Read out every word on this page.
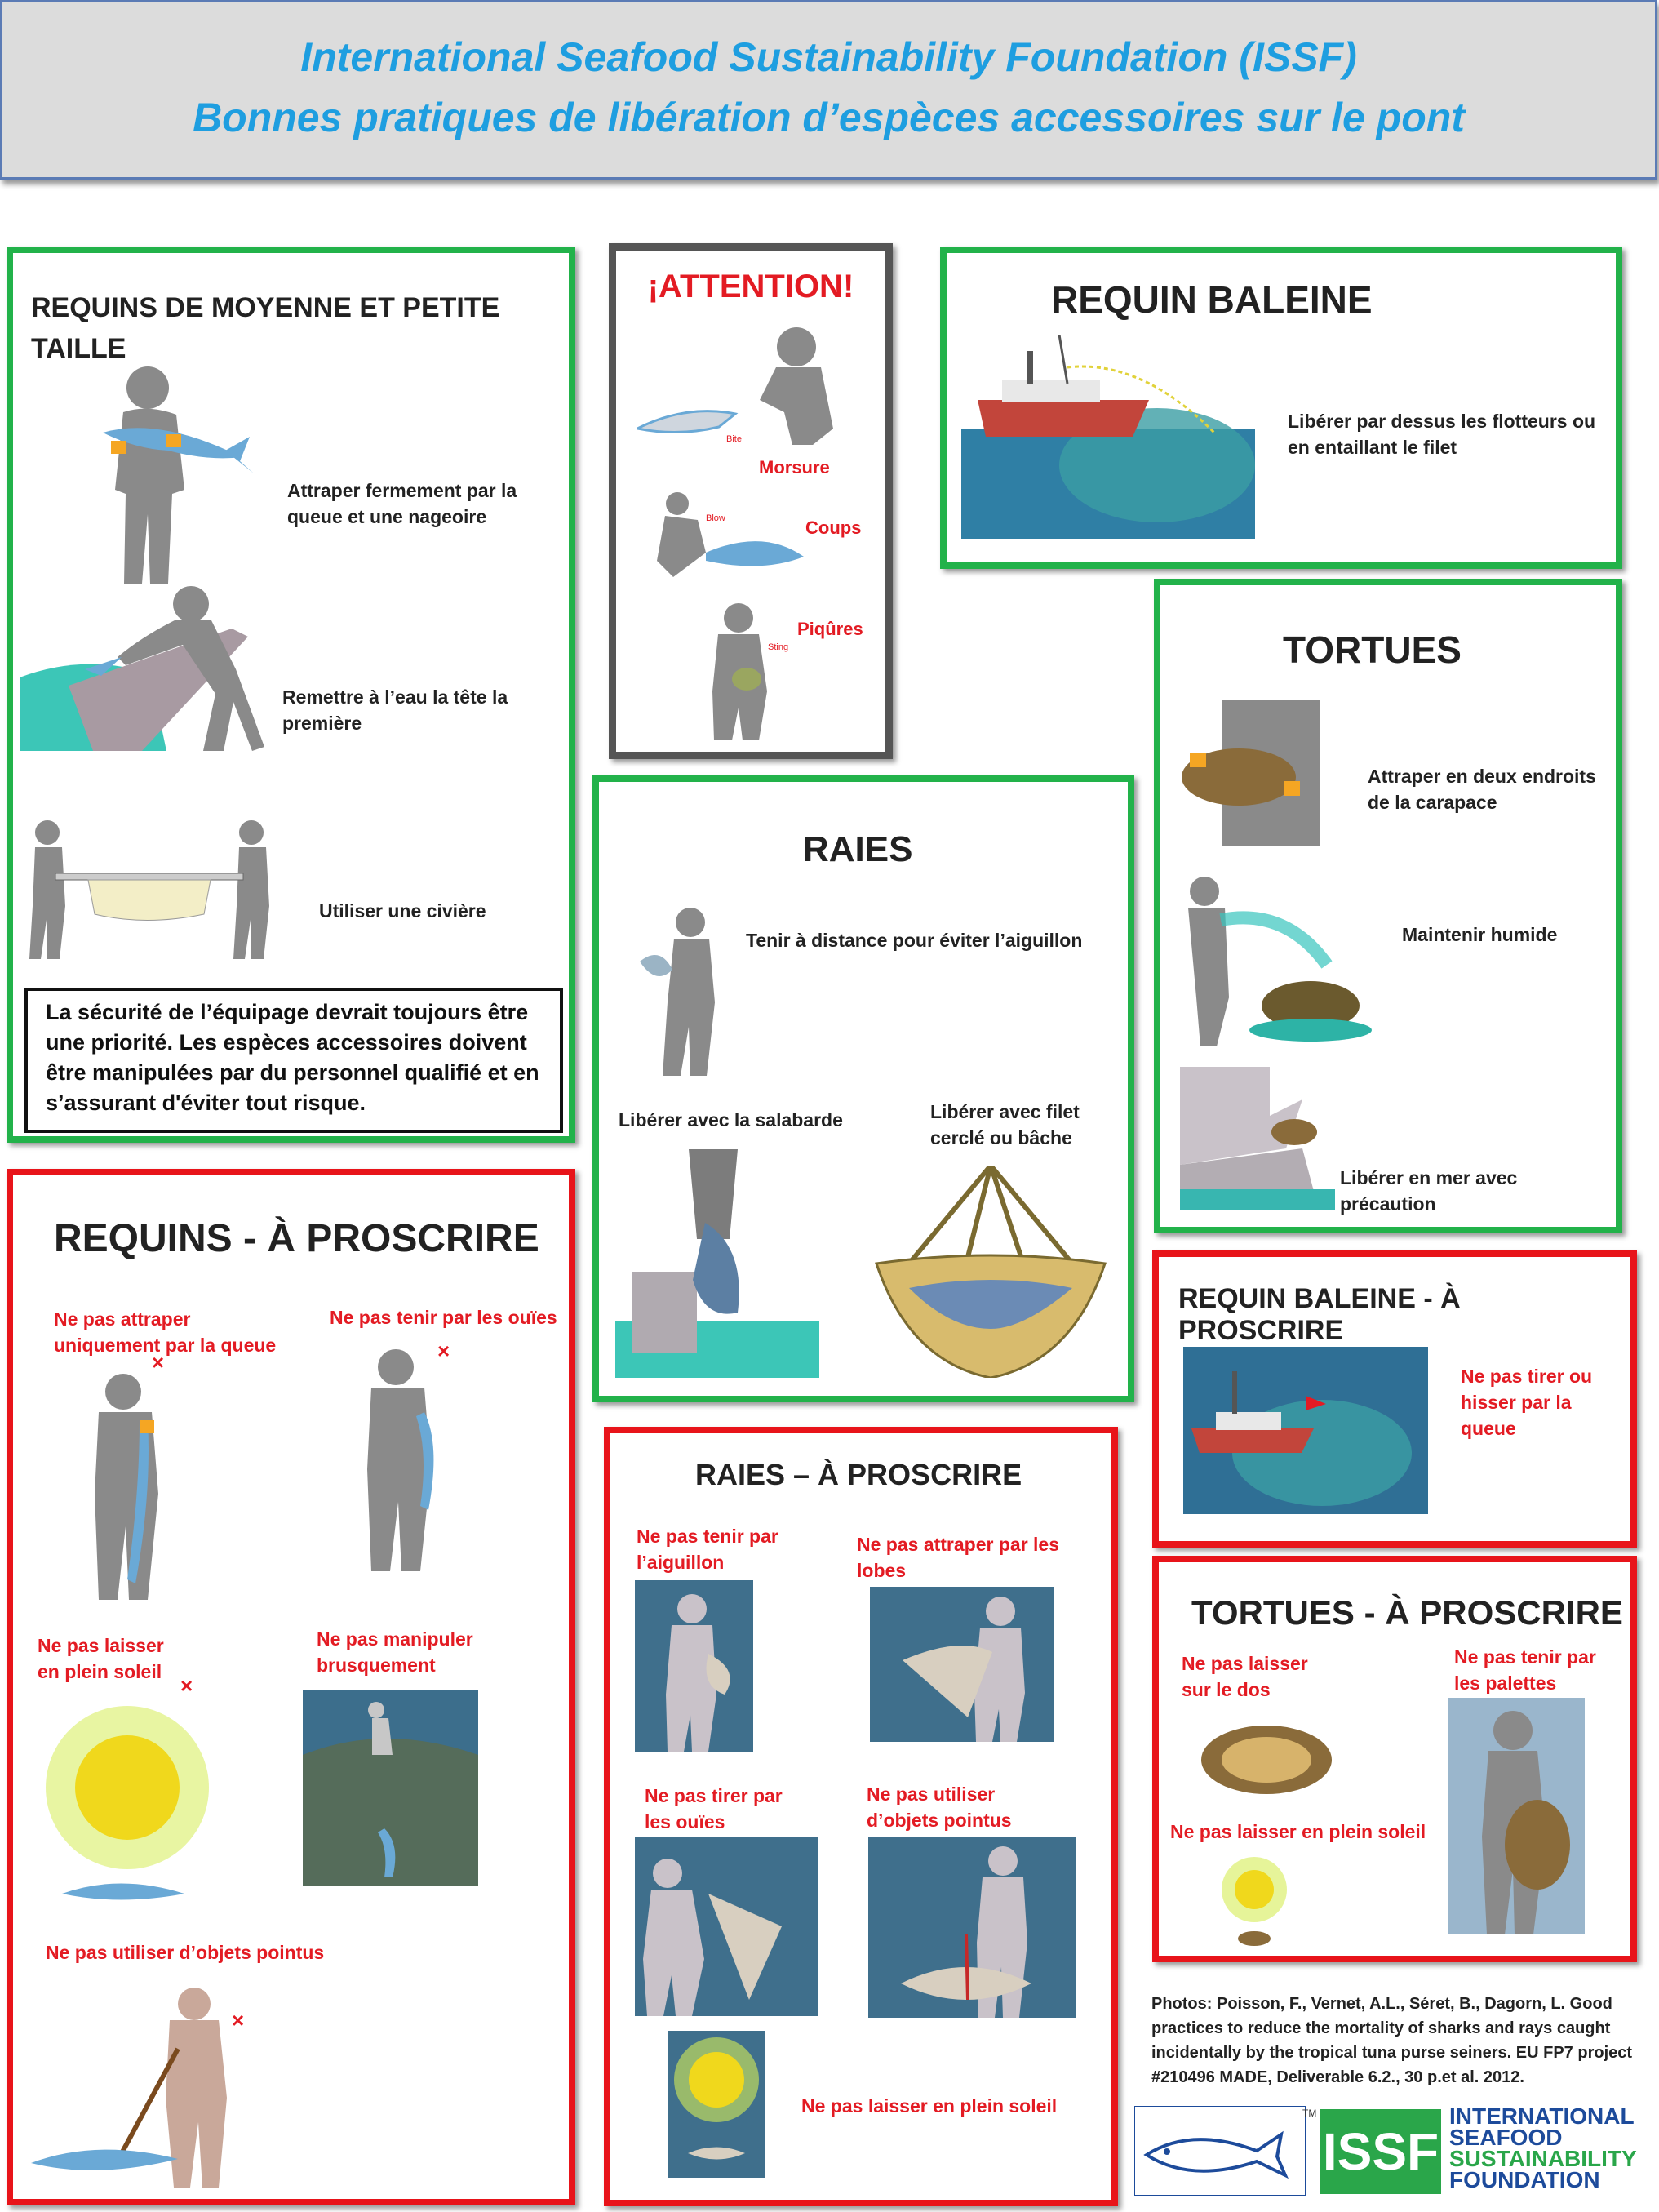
International Seafood Sustainability Foundation (ISSF)
Bonnes pratiques de libération d’espèces accessoires sur le pont
REQUINS DE MOYENNE ET PETITE
TAILLE
Attraper fermement par la
queue et une nageoire
Remettre à l’eau la tête la
première
Utiliser une civière
La sécurité de l’équipage devrait toujours être
une priorité. Les espèces accessoires doivent
être manipulées par du personnel qualifié et en
s’assurant d'éviter tout risque.
¡ATTENTION!
Bite
Morsure
Blow	Coups
Sting
Piqûres
REQUIN BALEINE
Libérer par dessus les flotteurs ou
en entaillant le filet
TORTUES
Attraper en deux endroits
de la carapace
Maintenir humide
Libérer en mer avec précaution
RAIES
Tenir à distance pour éviter l’aiguillon
Libérer avec la salabarde	Libérer avec filet
cerclé ou bâche
REQUINS - À PROSCRIRE
Ne pas attraper
uniquement par la queue
×
Ne pas tenir par les ouïes
×
Ne pas laisser
en plein soleil
×
Ne pas manipuler
brusquement
Ne pas utiliser d’objets pointus
×
RAIES – À PROSCRIRE
Ne pas tenir par
l’aiguillon
Ne pas attraper par les lobes
Ne pas tirer par
les ouïes
Ne pas utiliser
d’objets pointus
Ne pas laisser en plein soleil
REQUIN BALEINE - À PROSCRIRE
Ne pas tirer ou
hisser par la
queue
TORTUES - À PROSCRIRE
Ne pas laisser
sur le dos
Ne pas tenir par
les palettes
Ne pas laisser en plein soleil
Photos: Poisson, F., Vernet, A.L., Séret, B., Dagorn, L. Good
practices to reduce the mortality of sharks and rays caught
incidentally by the tropical tuna purse seiners. EU FP7 project
#210496 MADE, Deliverable 6.2., 30 p.et al. 2012.
TM
ISSF
INTERNATIONAL
SEAFOOD
SUSTAINABILITY
FOUNDATION
